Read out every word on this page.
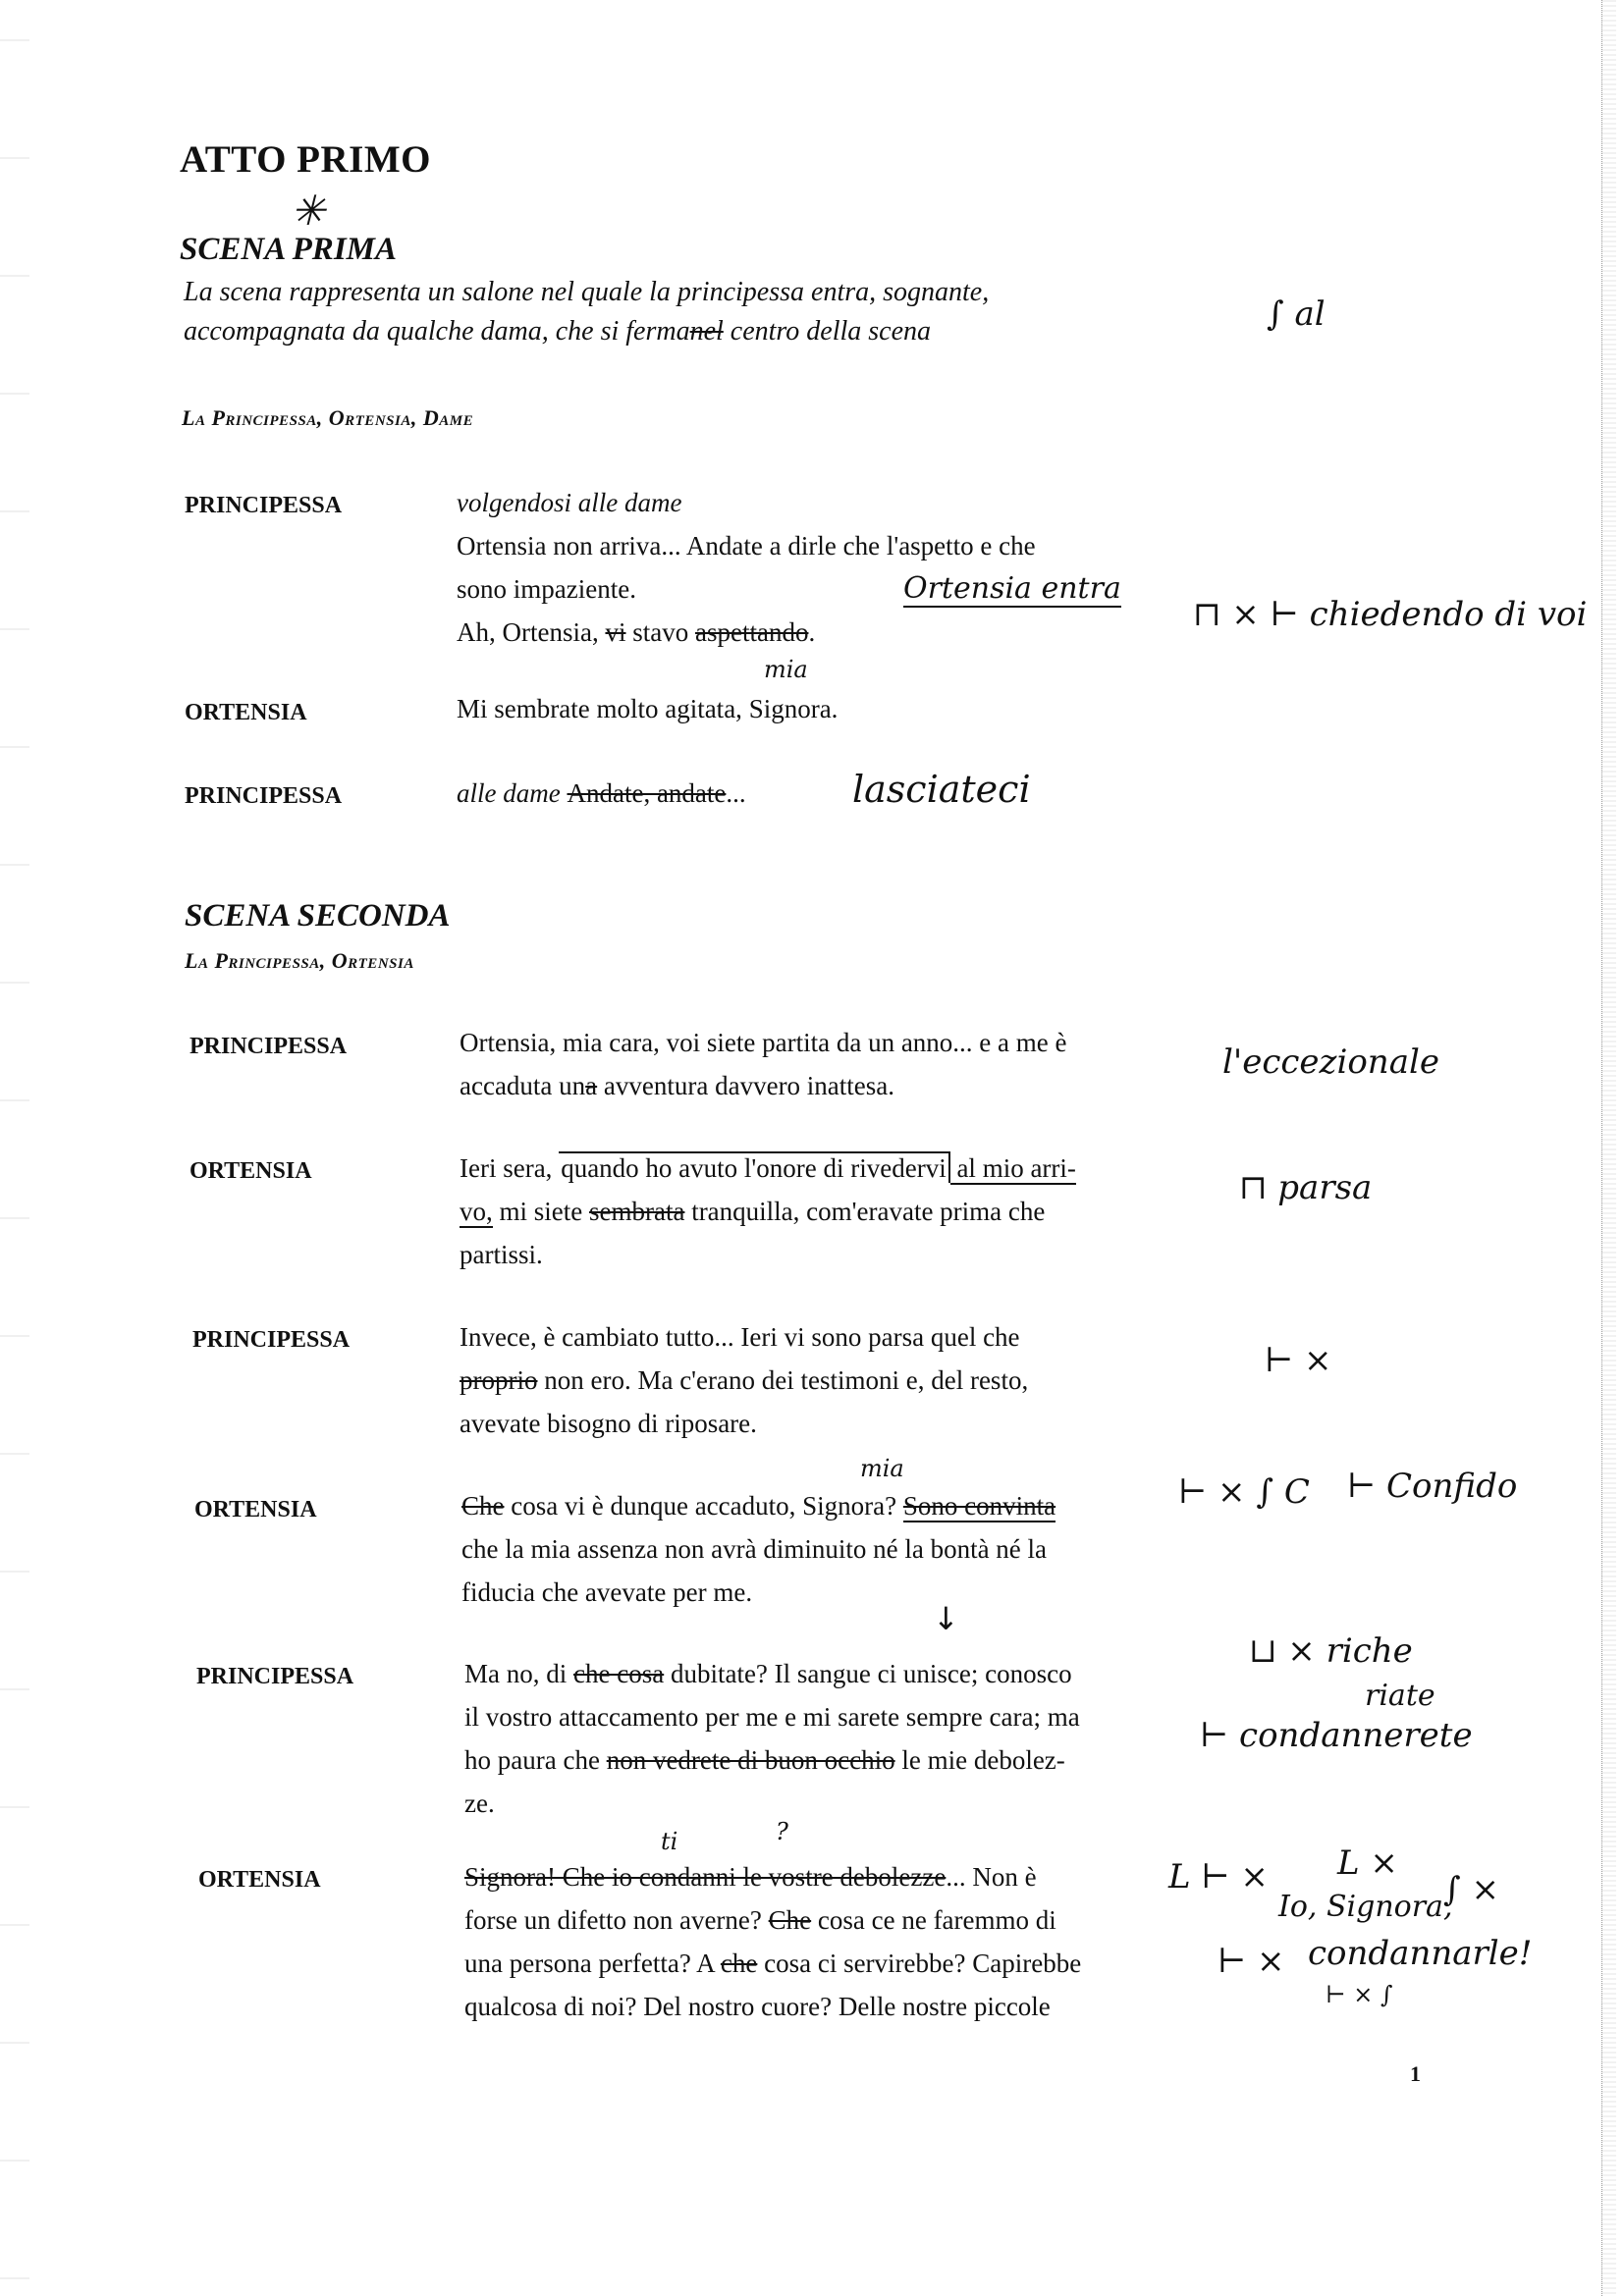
ATTO PRIMO
✳
SCENA PRIMA
La scena rappresenta un salone nel quale la principessa entra, sognante,
accompagnata da qualche dama, che si fermanel centro della scena	∫ al
La Principessa, Ortensia, Dame
PRINCIPESSA	volgendosi alle dame

Ortensia non arriva... Andate a dirle che l'aspetto e che

sono impaziente.

Ah, Ortensia, vi stavo aspettando.

Ortensia entra
⊓ × ⊢ chiedendo di voi
mia
ORTENSIA	Mi sembrate molto agitata, Signora.

PRINCIPESSA	alle dame Andate, andate...	lasciateci
SCENA SECONDA
La Principessa, Ortensia
PRINCIPESSA	Ortensia, mia cara, voi siete partita da un anno... e a me è

accaduta una avventura davvero inattesa.

l'eccezionale
ORTENSIA	Ieri sera, quando ho avuto l'onore di rivedervi al mio arri-

vo, mi siete sembrata tranquilla, com'eravate prima che

partissi.

⊓ parsa
PRINCIPESSA	Invece, è cambiato tutto... Ieri vi sono parsa quel che

proprio non ero. Ma c'erano dei testimoni e, del resto,

avevate bisogno di riposare.

⊢ ×
mia
ORTENSIA	Che cosa vi è dunque accaduto, Signora? Sono convinta

che la mia assenza non avrà diminuito né la bontà né la

fiducia che avevate per me.

⊢ × ∫ C ⊢ Confido
↓
PRINCIPESSA	Ma no, di che cosa dubitate? Il sangue ci unisce; conosco

il vostro attaccamento per me e mi sarete sempre cara; ma

ho paura che non vedrete di buon occhio le mie debolez-

ze.

⊔ × riche
riate
⊢ condannerete
ti	?
ORTENSIA	Signora! Che io condanni le vostre debolezze... Non è

forse un difetto non averne? Che cosa ce ne faremmo di

una persona perfetta? A che cosa ci servirebbe? Capirebbe

qualcosa di noi? Del nostro cuore? Delle nostre piccole

L ⊢ × L ×
∫ ×
Io, Signora,
⊢ × condannarle!
⊢ × ∫
1
